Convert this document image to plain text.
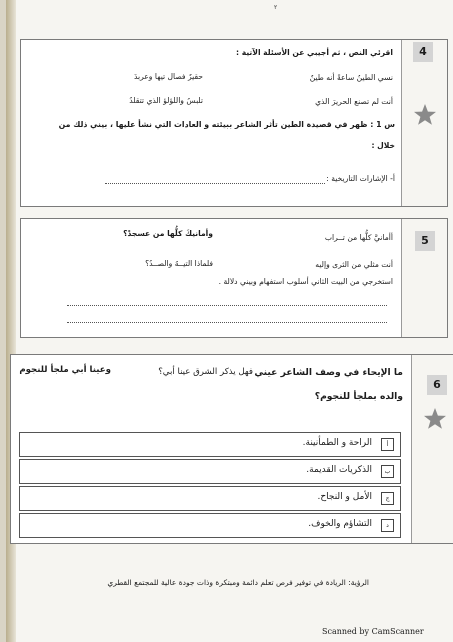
٢
اقرئي النص ، ثم أجيبي عن الأسئلة الآتية :
نسي الطينُ ساعةً أنه طينٌ
حقيرٌ فصال تيها وعربدَ
أنت لم تصنع الحريرَ الذي
تلبسُ واللؤلؤ الذي تتقلدُ
س 1 : ظهر في قصيدة الطين تأثر الشاعر ببيئته و العادات التي نشأ عليها ، بيني ذلك من
خلال :
أ- الإشارات التاريخية :
4
أأمانيَّ كلُّها من تــراب
وأمانيكَ كلُّها من عسجدْ؟
أنت مثلي من الثرى وإليه
فلماذا التيــهُ والصــدُ؟
استخرجي من البيت الثاني أسلوب استفهام وبيني دلالة .
5
ما الإيحاء في وصف الشاعر عيني
فهل يذكر الشرق عينا أبي؟
وعينا أبي ملجأ للنجوم
والده بملجأ للنجوم؟
6
أ
الراحة و الطمأنينة.
ب
الذكريات القديمة.
ج
الأمل و النجاح.
د
التشاؤم والخوف.
الرؤية: الريادة في توفير فرص تعلم دائمة ومبتكرة وذات جودة عالية للمجتمع القطري
Scanned by CamScanner
